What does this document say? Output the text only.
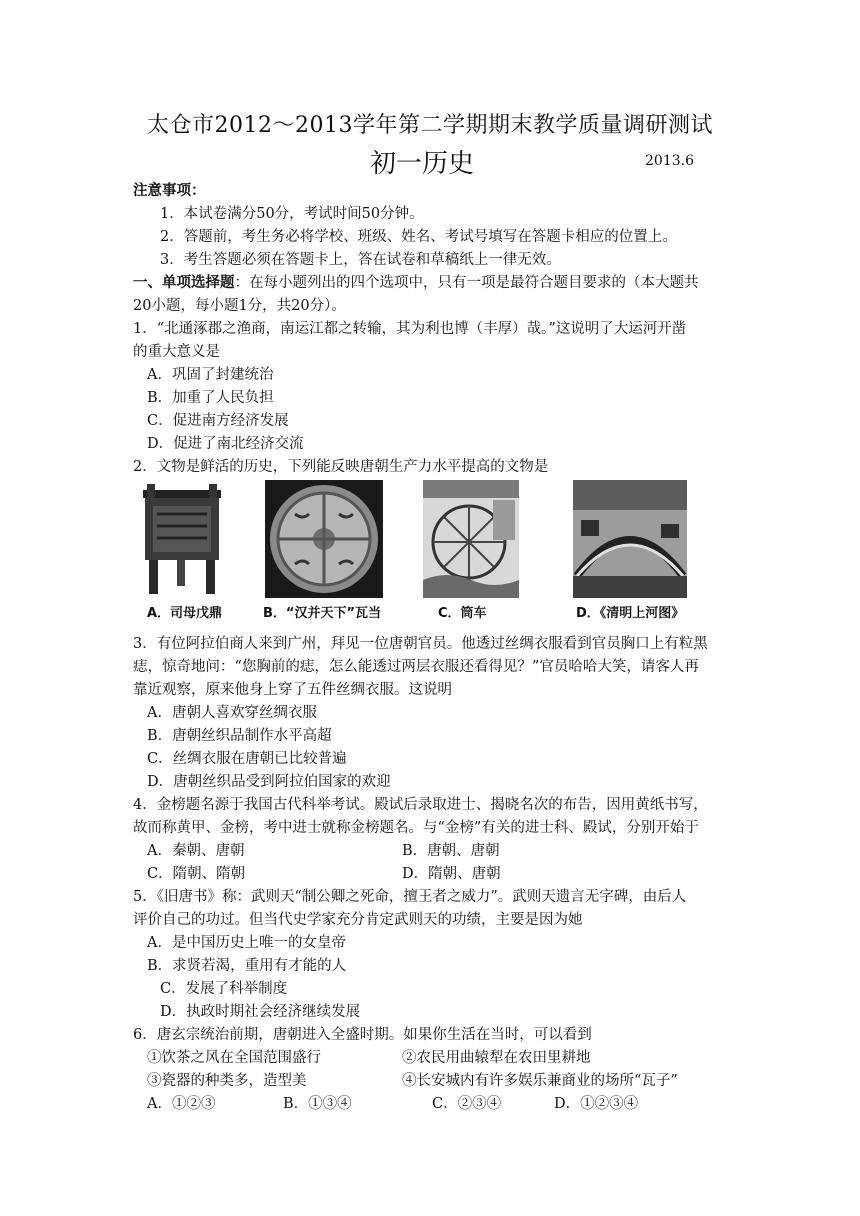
太仓市2012～2013学年第二学期期末教学质量调研测试
初一历史	2013.6
注意事项：
1．本试卷满分50分，考试时间50分钟。
2．答题前，考生务必将学校、班级、姓名、考试号填写在答题卡相应的位置上。
3．考生答题必须在答题卡上，答在试卷和草稿纸上一律无效。
一、单项选择题：在每小题列出的四个选项中，只有一项是最符合题目要求的（本大题共
20小题，每小题1分，共20分）。
1．“北通涿郡之渔商，南运江都之转输，其为利也博（丰厚）哉。”这说明了大运河开凿
的重大意义是
A．巩固了封建统治
B．加重了人民负担
C．促进南方经济发展
D．促进了南北经济交流
2．文物是鲜活的历史，下列能反映唐朝生产力水平提高的文物是
A．司母戊鼎	B．“汉并天下”瓦当	C．筒车	D．《清明上河图》
3．有位阿拉伯商人来到广州，拜见一位唐朝官员。他透过丝绸衣服看到官员胸口上有粒黑
痣，惊奇地问：“您胸前的痣，怎么能透过两层衣服还看得见？”官员哈哈大笑，请客人再
靠近观察，原来他身上穿了五件丝绸衣服。这说明
A．唐朝人喜欢穿丝绸衣服
B．唐朝丝织品制作水平高超
C．丝绸衣服在唐朝已比较普遍
D．唐朝丝织品受到阿拉伯国家的欢迎
4．金榜题名源于我国古代科举考试。殿试后录取进士、揭晓名次的布告，因用黄纸书写，
故而称黄甲、金榜，考中进士就称金榜题名。与“金榜”有关的进士科、殿试，分别开始于
A．秦朝、唐朝	B．唐朝、唐朝
C．隋朝、隋朝	D．隋朝、唐朝
5．《旧唐书》称：武则天“制公卿之死命，擅王者之威力”。武则天遗言无字碑，由后人
评价自己的功过。但当代史学家充分肯定武则天的功绩，主要是因为她
A．是中国历史上唯一的女皇帝
B．求贤若渴，重用有才能的人
C．发展了科举制度
D．执政时期社会经济继续发展
6．唐玄宗统治前期，唐朝进入全盛时期。如果你生活在当时，可以看到
①饮茶之风在全国范围盛行	②农民用曲辕犁在农田里耕地
③瓷器的种类多，造型美	④长安城内有许多娱乐兼商业的场所“瓦子”
A．①②③	B．①③④	C．②③④	D．①②③④
